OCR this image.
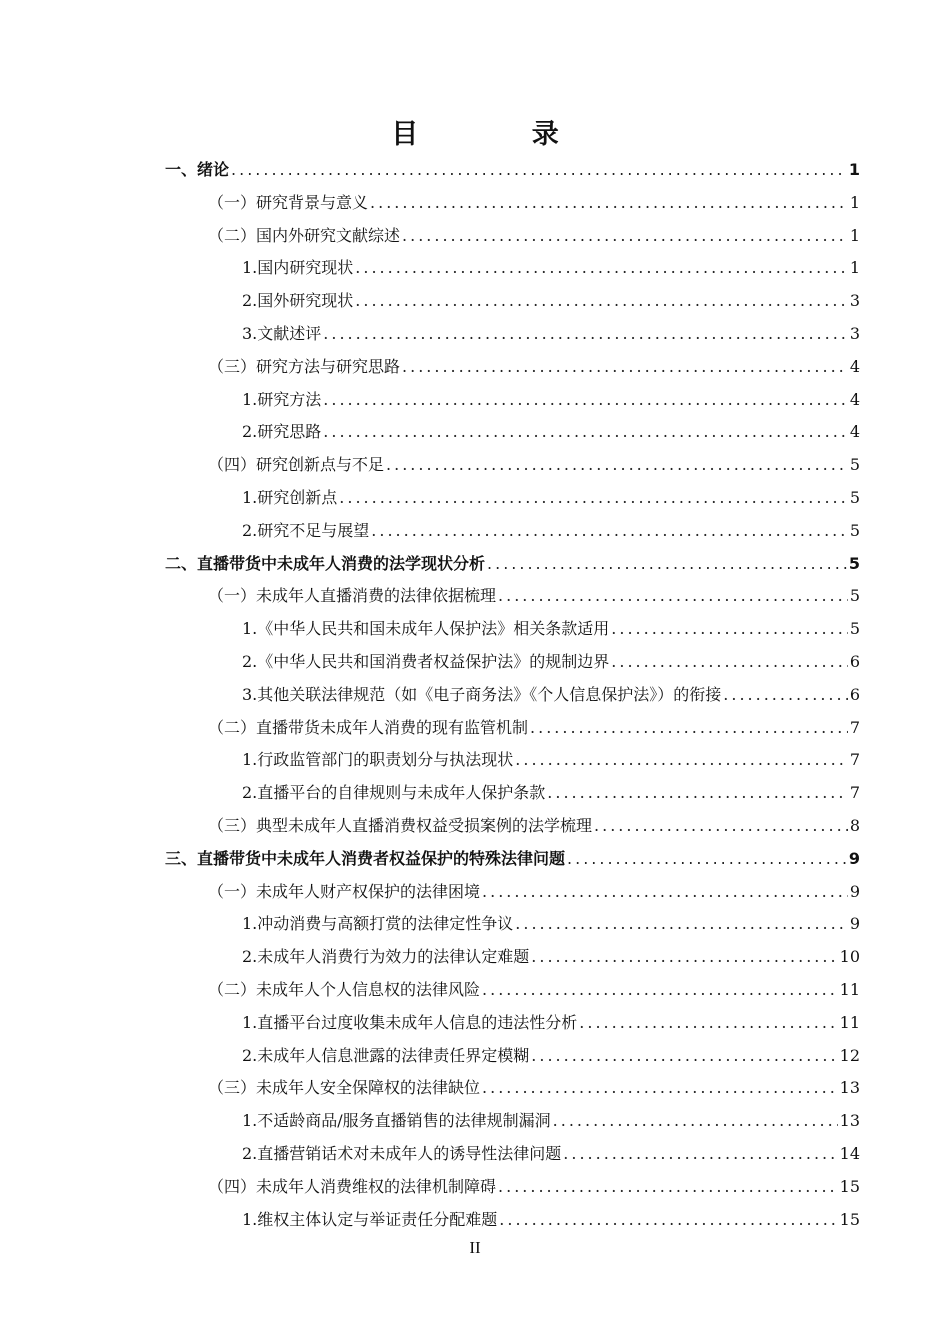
目 录
一、绪论 .....	1
（一）研究背景与意义 .....	1
（二）国内外研究文献综述 .....	1
1.国内研究现状 .....	1
2.国外研究现状 .....	3
3.文献述评 .....	3
（三）研究方法与研究思路 .....	4
1.研究方法 .....	4
2.研究思路 .....	4
（四）研究创新点与不足 .....	5
1.研究创新点 .....	5
2.研究不足与展望 .....	5
二、直播带货中未成年人消费的法学现状分析 .....	5
（一）未成年人直播消费的法律依据梳理 .....	5
1.《中华人民共和国未成年人保护法》相关条款适用 .....	5
2.《中华人民共和国消费者权益保护法》的规制边界 .....	6
3.其他关联法律规范（如《电子商务法》《个人信息保护法》）的衔接 .....	6
（二）直播带货未成年人消费的现有监管机制 .....	7
1.行政监管部门的职责划分与执法现状 .....	7
2.直播平台的自律规则与未成年人保护条款 .....	7
（三）典型未成年人直播消费权益受损案例的法学梳理 .....	8
三、直播带货中未成年人消费者权益保护的特殊法律问题 .....	9
（一）未成年人财产权保护的法律困境 .....	9
1.冲动消费与高额打赏的法律定性争议 .....	9
2.未成年人消费行为效力的法律认定难题 .....	10
（二）未成年人个人信息权的法律风险 .....	11
1.直播平台过度收集未成年人信息的违法性分析 .....	11
2.未成年人信息泄露的法律责任界定模糊 .....	12
（三）未成年人安全保障权的法律缺位 .....	13
1.不适龄商品/服务直播销售的法律规制漏洞 .....	13
2.直播营销话术对未成年人的诱导性法律问题 .....	14
（四）未成年人消费维权的法律机制障碍 .....	15
1.维权主体认定与举证责任分配难题 .....	15
II
